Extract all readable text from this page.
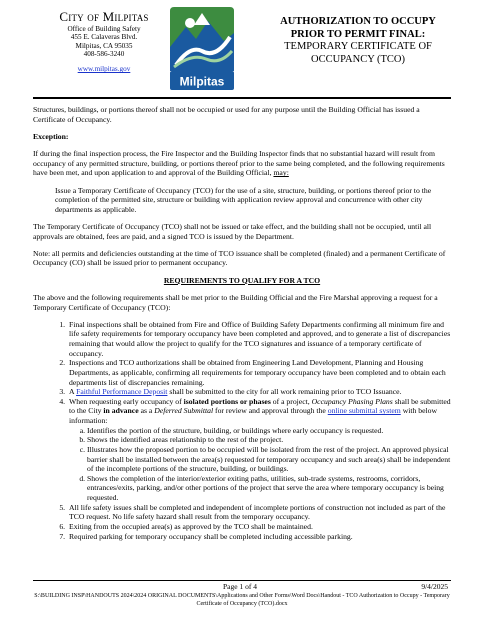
City of Milpitas
Office of Building Safety
455 E. Calaveras Blvd.
Milpitas, CA 95035
408-586-3240
www.milpitas.gov
Milpitas
AUTHORIZATION TO OCCUPY
PRIOR TO PERMIT FINAL:
TEMPORARY CERTIFICATE OF
OCCUPANCY (TCO)

Structures, buildings, or portions thereof shall not be occupied or used for any purpose until the Building Official has issued a Certificate of Occupancy.

Exception:

If during the final inspection process, the Fire Inspector and the Building Inspector finds that no substantial hazard will result from occupancy of any permitted structure, building, or portions thereof prior to the same being completed, and the following requirements have been met, and upon application to and approval of the Building Official, may:

Issue a Temporary Certificate of Occupancy (TCO) for the use of a site, structure, building, or portions thereof prior to the completion of the permitted site, structure or building with application review approval and concurrence with other city departments as applicable.

The Temporary Certificate of Occupancy (TCO) shall not be issued or take effect, and the building shall not be occupied, until all approvals are obtained, fees are paid, and a signed TCO is issued by the Department.

Note: all permits and deficiencies outstanding at the time of TCO issuance shall be completed (finaled) and a permanent Certificate of Occupancy (CO) shall be issued prior to permanent occupancy.

REQUIREMENTS TO QUALIFY FOR A TCO

The above and the following requirements shall be met prior to the Building Official and the Fire Marshal approving a request for a Temporary Certificate of Occupancy (TCO):

1. Final inspections shall be obtained from Fire and Office of Building Safety Departments confirming all minimum fire and life safety requirements for temporary occupancy have been completed and approved, and to generate a list of discrepancies remaining that would allow the project to qualify for the TCO signatures and issuance of a temporary certificate of occupancy.
2. Inspections and TCO authorizations shall be obtained from Engineering Land Development, Planning and Housing Departments, as applicable, confirming all requirements for temporary occupancy have been completed and to obtain each departments list of discrepancies remaining.
3. A Faithful Performance Deposit shall be submitted to the city for all work remaining prior to TCO Issuance.
4. When requesting early occupancy of isolated portions or phases of a project, Occupancy Phasing Plans shall be submitted to the City in advance as a Deferred Submittal for review and approval through the online submittal system with below information:
a. Identifies the portion of the structure, building, or buildings where early occupancy is requested.
b. Shows the identified areas relationship to the rest of the project.
c. Illustrates how the proposed portion to be occupied will be isolated from the rest of the project. An approved physical barrier shall be installed between the area(s) requested for temporary occupancy and such area(s) shall be independent of the incomplete portions of the structure, building, or buildings.
d. Shows the completion of the interior/exterior exiting paths, utilities, sub-trade systems, restrooms, corridors, entrances/exits, parking, and/or other portions of the project that serve the area where temporary occupancy is being requested.
5. All life safety issues shall be completed and independent of incomplete portions of construction not included as part of the TCO request. No life safety hazard shall result from the temporary occupancy.
6. Exiting from the occupied area(s) as approved by the TCO shall be maintained.
7. Required parking for temporary occupancy shall be completed including accessible parking.
Page 1 of 4	9/4/2025
S:\BUILDING INSP\HANDOUTS 2024\2024 ORIGINAL DOCUMENTS\Applications and Other Forms\Word Docs\Handout - TCO Authorization to Occupy - Temporary Certificate of Occupancy (TCO).docx
